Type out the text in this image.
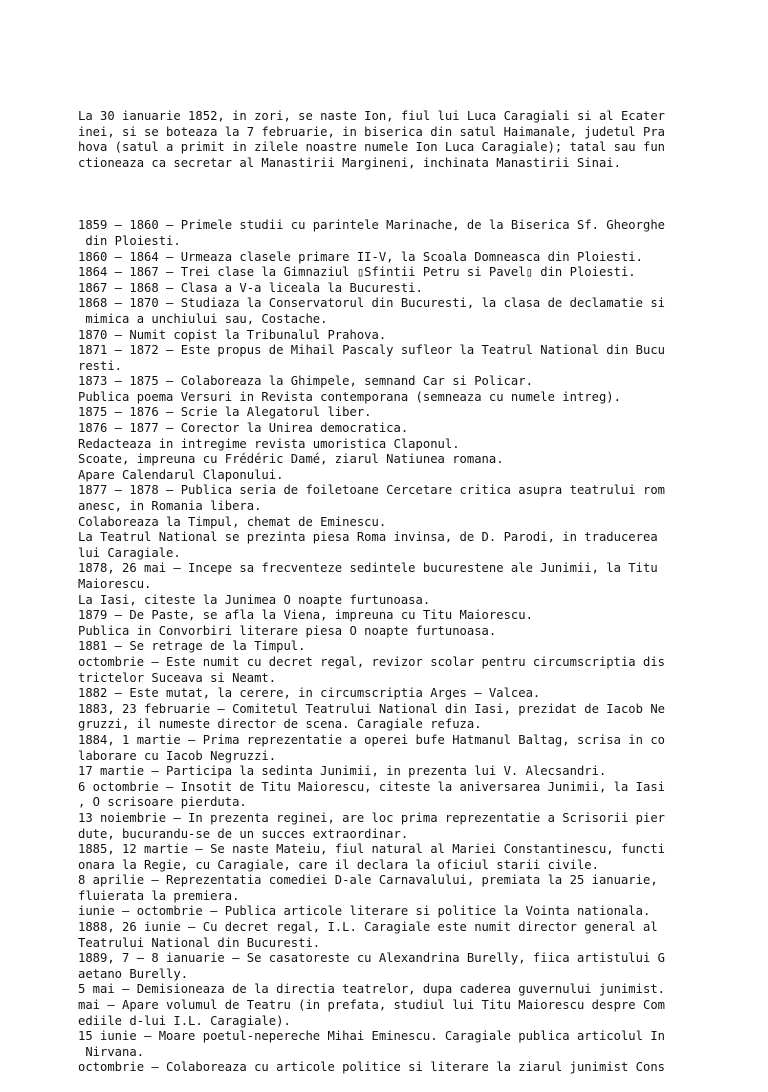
La 30 ianuarie 1852, in zori, se naste Ion, fiul lui Luca Caragiali si al Ecater
inei, si se boteaza la 7 februarie, in biserica din satul Haimanale, judetul Pra
hova (satul a primit in zilele noastre numele Ion Luca Caragiale); tatal sau fun
ctioneaza ca secretar al Manastirii Margineni, inchinata Manastirii Sinai.

1859 – 1860 – Primele studii cu parintele Marinache, de la Biserica Sf. Gheorghe
din Ploiesti.
1860 – 1864 – Urmeaza clasele primare II-V, la Scoala Domneasca din Ploiesti.
1864 – 1867 – Trei clase la Gimnaziul ▯Sfintii Petru si Pavel▯ din Ploiesti.
1867 – 1868 – Clasa a V-a liceala la Bucuresti.
1868 – 1870 – Studiaza la Conservatorul din Bucuresti, la clasa de declamatie si
mimica a unchiului sau, Costache.
1870 – Numit copist la Tribunalul Prahova.
1871 – 1872 – Este propus de Mihail Pascaly sufleor la Teatrul National din Bucu
resti.
1873 – 1875 – Colaboreaza la Ghimpele, semnand Car si Policar.
Publica poema Versuri in Revista contemporana (semneaza cu numele intreg).
1875 – 1876 – Scrie la Alegatorul liber.
1876 – 1877 – Corector la Unirea democratica.
Redacteaza in intregime revista umoristica Claponul.
Scoate, impreuna cu Frédéric Damé, ziarul Natiunea romana.
Apare Calendarul Claponului.
1877 – 1878 – Publica seria de foiletoane Cercetare critica asupra teatrului rom
anesc, in Romania libera.
Colaboreaza la Timpul, chemat de Eminescu.
La Teatrul National se prezinta piesa Roma invinsa, de D. Parodi, in traducerea
lui Caragiale.
1878, 26 mai – Incepe sa frecventeze sedintele bucurestene ale Junimii, la Titu
Maiorescu.
La Iasi, citeste la Junimea O noapte furtunoasa.
1879 – De Paste, se afla la Viena, impreuna cu Titu Maiorescu.
Publica in Convorbiri literare piesa O noapte furtunoasa.
1881 – Se retrage de la Timpul.
octombrie – Este numit cu decret regal, revizor scolar pentru circumscriptia dis
trictelor Suceava si Neamt.
1882 – Este mutat, la cerere, in circumscriptia Arges – Valcea.
1883, 23 februarie – Comitetul Teatrului National din Iasi, prezidat de Iacob Ne
gruzzi, il numeste director de scena. Caragiale refuza.
1884, 1 martie – Prima reprezentatie a operei bufe Hatmanul Baltag, scrisa in co
laborare cu Iacob Negruzzi.
17 martie – Participa la sedinta Junimii, in prezenta lui V. Alecsandri.
6 octombrie – Insotit de Titu Maiorescu, citeste la aniversarea Junimii, la Iasi
, O scrisoare pierduta.
13 noiembrie – In prezenta reginei, are loc prima reprezentatie a Scrisorii pier
dute, bucurandu-se de un succes extraordinar.
1885, 12 martie – Se naste Mateiu, fiul natural al Mariei Constantinescu, functi
onara la Regie, cu Caragiale, care il declara la oficiul starii civile.
8 aprilie – Reprezentatia comediei D-ale Carnavalului, premiata la 25 ianuarie,
fluierata la premiera.
iunie – octombrie – Publica articole literare si politice la Vointa nationala.
1888, 26 iunie – Cu decret regal, I.L. Caragiale este numit director general al
Teatrului National din Bucuresti.
1889, 7 – 8 ianuarie – Se casatoreste cu Alexandrina Burelly, fiica artistului G
aetano Burelly.
5 mai – Demisioneaza de la directia teatrelor, dupa caderea guvernului junimist.
mai – Apare volumul de Teatru (in prefata, studiul lui Titu Maiorescu despre Com
ediile d-lui I.L. Caragiale).
15 iunie – Moare poetul-nepereche Mihai Eminescu. Caragiale publica articolul In
Nirvana.
octombrie – Colaboreaza cu articole politice si literare la ziarul junimist Cons
